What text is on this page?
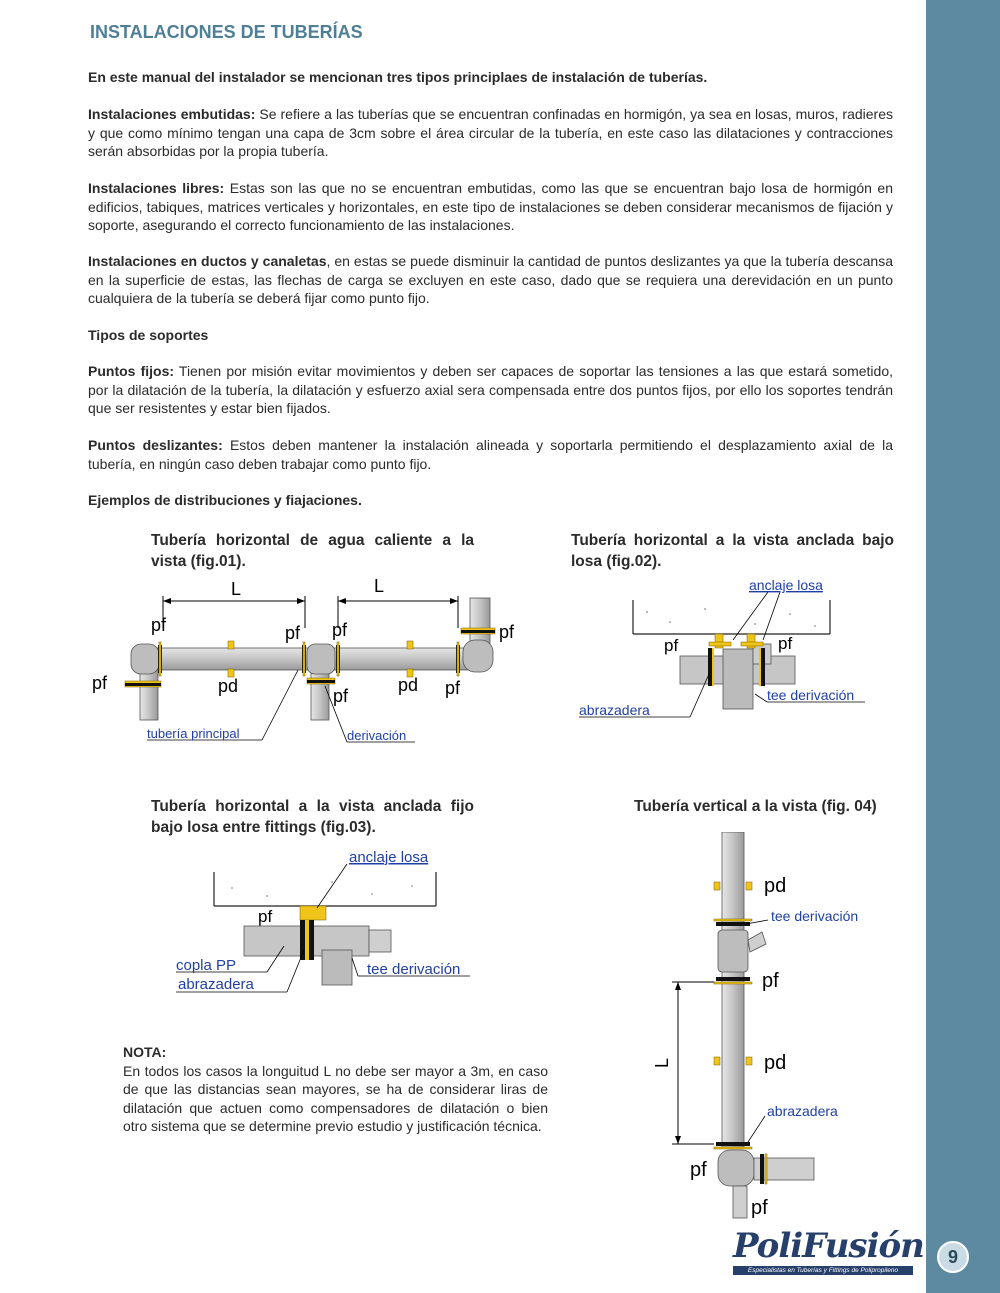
9
INSTALACIONES DE TUBERÍAS
En este manual del instalador se mencionan tres tipos principlaes de instalación de tuberías.
Instalaciones embutidas: Se refiere a las tuberías que se encuentran confinadas en hormigón, ya sea en losas, muros, radieres y que como mínimo tengan una capa de 3cm sobre el área circular de la tubería, en este caso las dilataciones y contracciones serán absorbidas por la propia tubería.
Instalaciones libres: Estas son las que no se encuentran embutidas, como las que se encuentran bajo losa de hormigón en edificios, tabiques, matrices verticales y horizontales, en este tipo de instalaciones se deben considerar mecanismos de fijación y soporte, asegurando el correcto funcionamiento de las instalaciones.
Instalaciones en ductos y canaletas, en estas se puede disminuir la cantidad de puntos deslizantes ya que la tubería descansa en la superficie de estas, las flechas de carga se excluyen en este caso, dado que se requiera una derevidación en un punto cualquiera de la tubería se deberá fijar como punto fijo.
Tipos de soportes
Puntos fijos: Tienen por misión evitar movimientos y deben ser capaces de soportar las tensiones a las que estará sometido, por la dilatación de la tubería, la dilatación y esfuerzo axial sera compensada entre dos puntos fijos, por ello los soportes tendrán que ser resistentes y estar bien fijados.
Puntos deslizantes: Estos deben mantener la instalación alineada y soportarla permitiendo el desplazamiento axial de la tubería, en ningún caso deben trabajar como punto fijo.
Ejemplos de distribuciones y fiajaciones.
Tubería horizontal de agua caliente a la vista (fig.01).
Tubería horizontal a la vista anclada bajo losa (fig.02).
Tubería horizontal a la vista anclada fijo bajo losa entre fittings (fig.03).
Tubería vertical a la vista (fig. 04)
L	L
pf	pf pf	pf
pf
pf	pf
pd	pd
tubería principal	derivación
anclaje losa
pf	pf
tee derivación
abrazadera
anclaje losa
pf
copla PP
abrazadera
tee derivación
L
pd
tee derivación
pf
pd
abrazadera
pf
pf
NOTA:
En todos los casos la longuitud L no debe ser mayor a 3m, en caso de que las distancias sean mayores, se ha de considerar liras de dilatación que actuen como compensadores de dilatación o bien otro sistema que se determine previo estudio y justificación técnica.
PoliFusión
Especialistas en Tuberías y Fittings de Polipropileno
